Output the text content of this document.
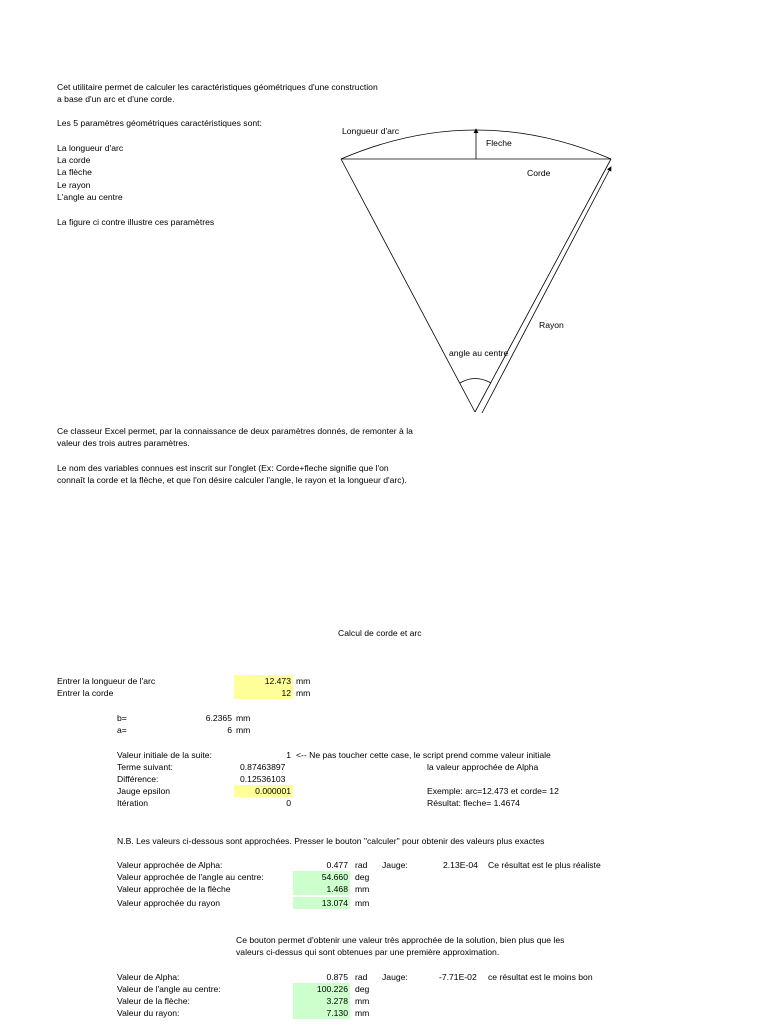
Cet utilitaire permet de calculer les caractéristiques géométriques d'une construction
a base d'un arc et d'une corde.
Les 5 paramètres géométriques caractéristiques sont:
La longueur d'arc
La corde
La flèche
Le rayon
L'angle au centre
La figure ci contre illustre ces paramètres
Longueur d'arc
Fleche
Corde
Rayon
angle au centre
Ce classeur Excel permet, par la connaissance de deux paramètres donnés, de remonter à la
valeur des trois autres paramètres.
Le nom des variables connues est inscrit sur l'onglet (Ex: Corde+fleche signifie que l'on
connaît la corde et la flèche, et que l'on désire calculer l'angle, le rayon et la longueur d'arc).
Calcul de corde et arc
Entrer la longueur de l'arc	12.473 mm
Entrer la corde	12 mm
b=	6.2365 mm
a=	6 mm
Valeur initiale de la suite:	1 <-- Ne pas toucher cette case, le script prend comme valeur initiale
Terme suivant:	0.87463897	la valeur approchée de Alpha
Différence:	0.12536103
Jauge epsilon	0.000001	Exemple: arc=12.473 et corde= 12
Itération	0	Résultat: fleche= 1.4674
N.B. Les valeurs ci-dessous sont approchées. Presser le bouton "calculer" pour obtenir des valeurs plus exactes
Valeur approchée de Alpha:	0.477 rad Jauge:	2.13E-04 Ce résultat est le plus réaliste
Valeur approchée de l'angle au centre:	54.660 deg
Valeur approchée de la flèche	1.468 mm
Valeur approchée du rayon	13.074 mm
Ce bouton permet d'obtenir une valeur très approchée de la solution, bien plus que les
valeurs ci-dessus qui sont obtenues par une première approximation.
Valeur de Alpha:	0.875 rad Jauge:	-7.71E-02 ce résultat est le moins bon
Valeur de l'angle au centre:	100.226 deg
Valeur de la flèche:	3.278 mm
Valeur du rayon:	7.130 mm
